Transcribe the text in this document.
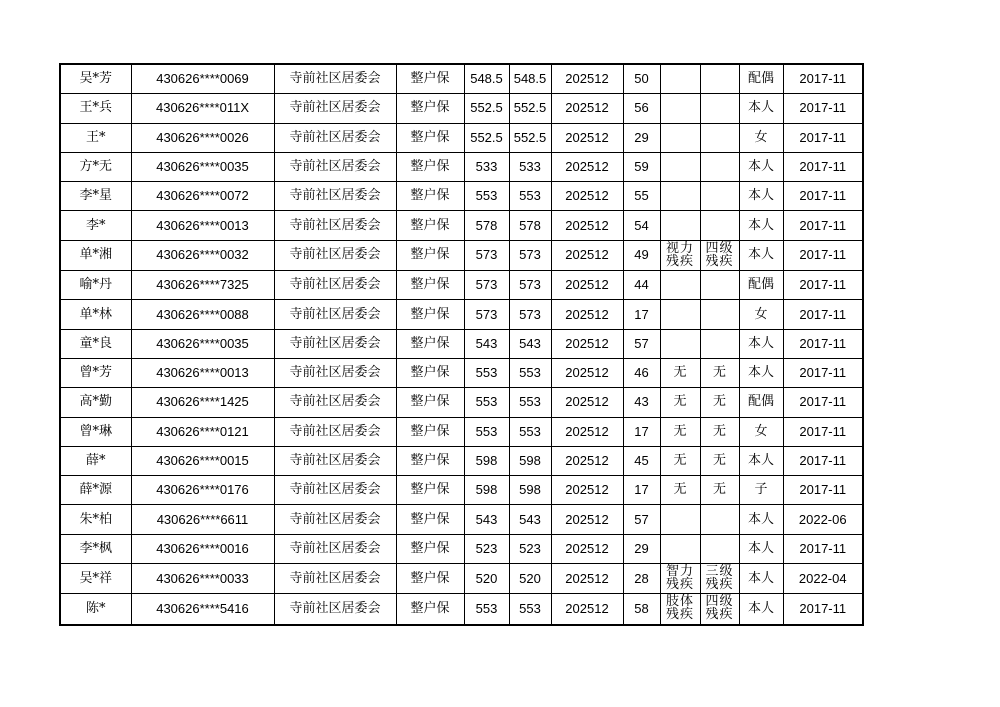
吴*芳	430626****0069	寺前社区居委会	整户保	548.5	548.5	202512	50			配偶	2017-11
王*兵	430626****011X	寺前社区居委会	整户保	552.5	552.5	202512	56			本人	2017-11
王*	430626****0026	寺前社区居委会	整户保	552.5	552.5	202512	29			女	2017-11
方*无	430626****0035	寺前社区居委会	整户保	533	533	202512	59			本人	2017-11
李*星	430626****0072	寺前社区居委会	整户保	553	553	202512	55			本人	2017-11
李*	430626****0013	寺前社区居委会	整户保	578	578	202512	54			本人	2017-11
单*湘	430626****0032	寺前社区居委会	整户保	573	573	202512	49	视力残疾	四级残疾	本人	2017-11
喻*丹	430626****7325	寺前社区居委会	整户保	573	573	202512	44			配偶	2017-11
单*林	430626****0088	寺前社区居委会	整户保	573	573	202512	17			女	2017-11
童*良	430626****0035	寺前社区居委会	整户保	543	543	202512	57			本人	2017-11
曾*芳	430626****0013	寺前社区居委会	整户保	553	553	202512	46	无	无	本人	2017-11
高*勤	430626****1425	寺前社区居委会	整户保	553	553	202512	43	无	无	配偶	2017-11
曾*琳	430626****0121	寺前社区居委会	整户保	553	553	202512	17	无	无	女	2017-11
薛*	430626****0015	寺前社区居委会	整户保	598	598	202512	45	无	无	本人	2017-11
薛*源	430626****0176	寺前社区居委会	整户保	598	598	202512	17	无	无	子	2017-11
朱*柏	430626****6611	寺前社区居委会	整户保	543	543	202512	57			本人	2022-06
李*枫	430626****0016	寺前社区居委会	整户保	523	523	202512	29			本人	2017-11
吴*祥	430626****0033	寺前社区居委会	整户保	520	520	202512	28	智力残疾	三级残疾	本人	2022-04
陈*	430626****5416	寺前社区居委会	整户保	553	553	202512	58	肢体残疾	四级残疾	本人	2017-11
